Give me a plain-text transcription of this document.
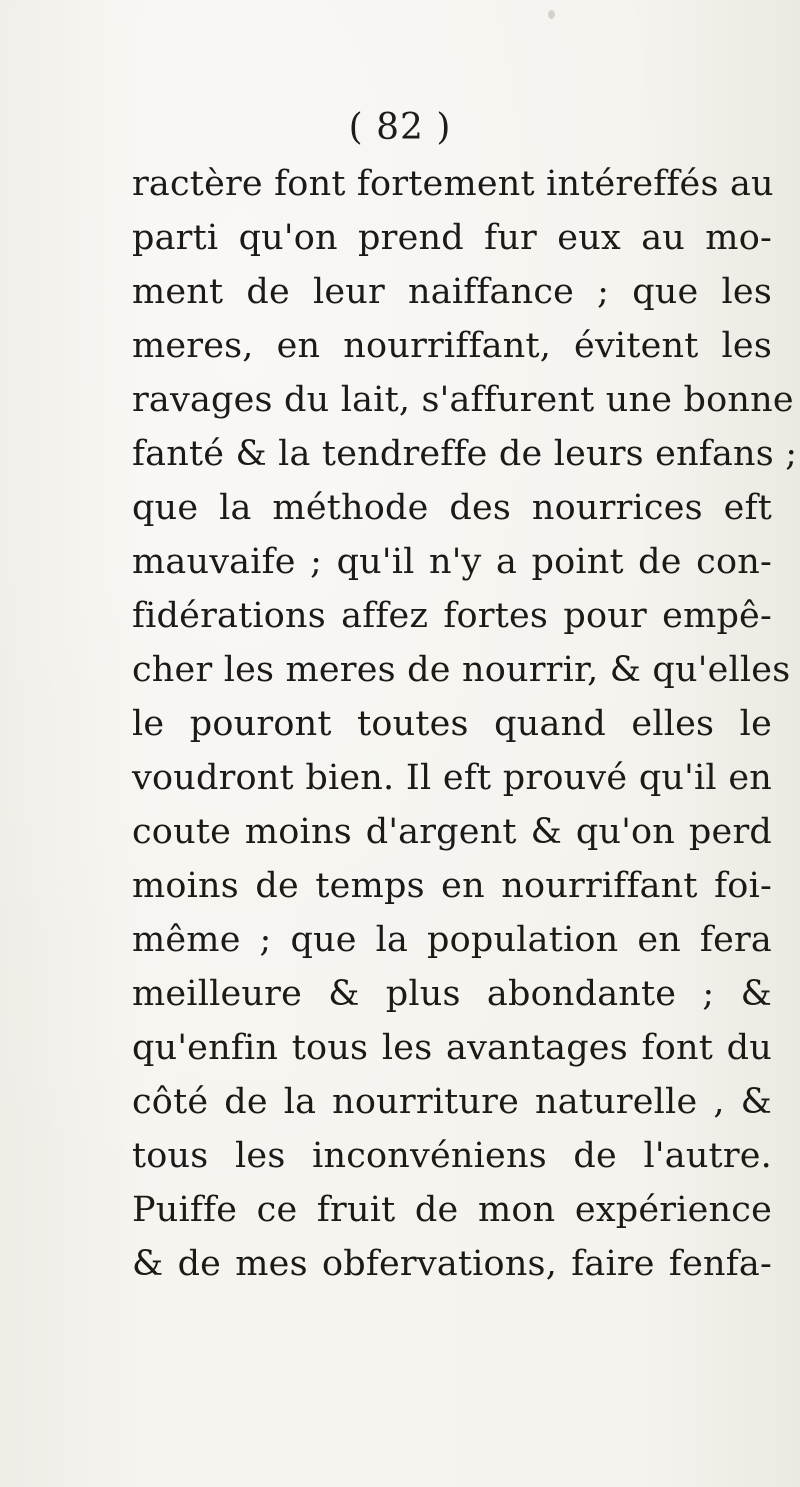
( 82 )
ractère font fortement intéreffés au
parti qu'on prend fur eux au mo-
ment de leur naiffance ; que les
meres, en nourriffant, évitent les
ravages du lait, s'affurent une bonne
fanté & la tendreffe de leurs enfans ;
que la méthode des nourrices eft
mauvaife ; qu'il n'y a point de con-
fidérations affez fortes pour empê-
cher les meres de nourrir, & qu'elles
le pouront toutes quand elles le
voudront bien. Il eft prouvé qu'il en
coute moins d'argent & qu'on perd
moins de temps en nourriffant foi-
même ; que la population en fera
meilleure & plus abondante ; &
qu'enfin tous les avantages font du
côté de la nourriture naturelle , &
tous les inconvéniens de l'autre.
Puiffe ce fruit de mon expérience
& de mes obfervations, faire fenfa-
